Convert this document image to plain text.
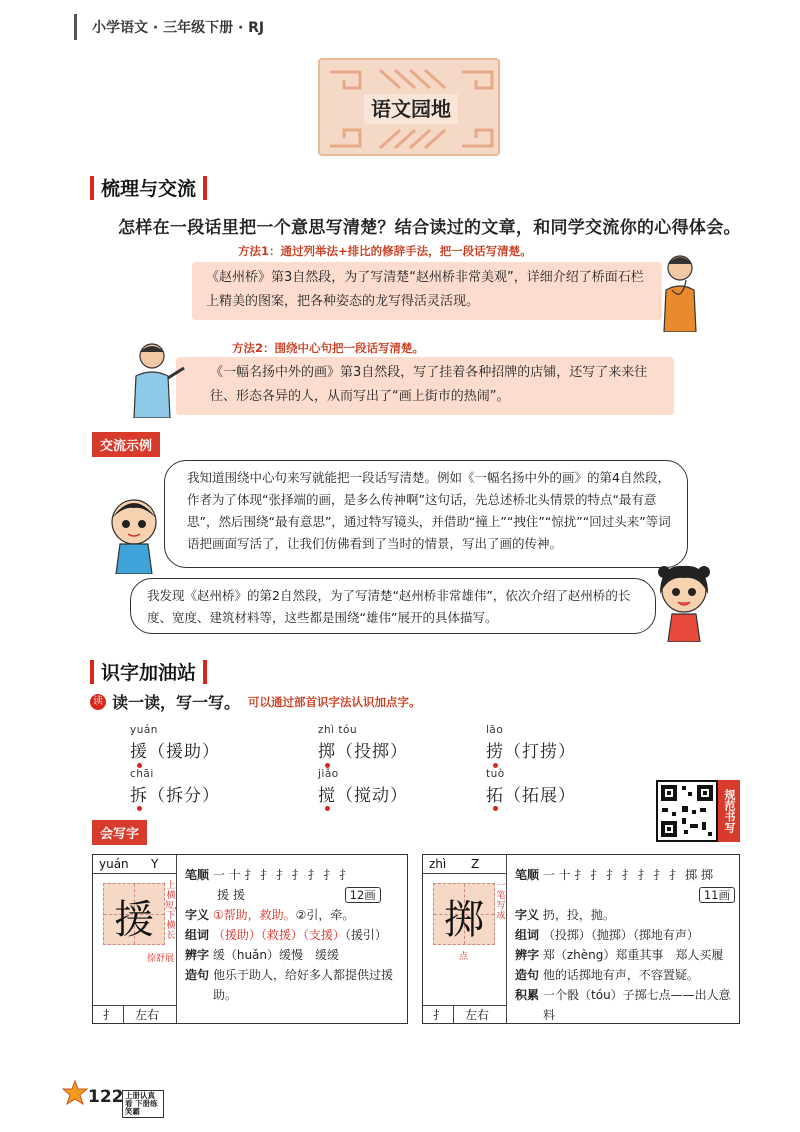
小学语文 · 三年级下册 · RJ
语文园地
梳理与交流
怎样在一段话里把一个意思写清楚？结合读过的文章，和同学交流你的心得体会。
方法1：通过列举法+排比的修辞手法，把一段话写清楚。
《赵州桥》第3自然段，为了写清楚“赵州桥非常美观”，详细介绍了桥面石栏上精美的图案，把各种姿态的龙写得活灵活现。
方法2：围绕中心句把一段话写清楚。
《一幅名扬中外的画》第3自然段，写了挂着各种招牌的店铺，还写了来来往往、形态各异的人，从而写出了“画上街市的热闹”。
交流示例
我知道围绕中心句来写就能把一段话写清楚。例如《一幅名扬中外的画》的第4自然段，作者为了体现“张择端的画，是多么传神啊”这句话，先总述桥北头情景的特点“最有意思”，然后围绕“最有意思”，通过特写镜头，并借助“撞上”“拽住”“惊扰”“回过头来”等词语把画面写活了，让我们仿佛看到了当时的情景，写出了画的传神。
我发现《赵州桥》的第2自然段，为了写清楚“赵州桥非常雄伟”，依次介绍了赵州桥的长度、宽度、建筑材料等，这些都是围绕“雄伟”展开的具体描写。
识字加油站
读 读一读，写一写。 可以通过部首识字法认识加点字。
yuán
援（援助）
zhì tóu
掷（投掷）
lāo
捞（打捞）
chāi
拆（拆分）
jiǎo
搅（搅动）
tuò
拓（拓展）	规范书写
会写字
yuán Y
援
扌 左右
上横短，下横长
捺舒展
笔顺 一 十 扌 扌 扌 扌 扌 扌 扌
援 援	12画
字义 ①帮助，救助。②引，牵。
组词 （援助）（救援）（支援）（援引）
辨字 缓（huǎn）缓慢　缓缓
造句 他乐于助人，给好多人都提供过援助。
zhì Z
掷
扌 左右
一笔写成
点
笔顺 一 十 扌 扌 扌 扌 扌 扌 扌 掷 掷
11画
字义 扔，投，抛。
组词 （投掷）（抛掷）（掷地有声）
辨字 郑（zhèng）郑重其事　郑人买履
造句 他的话掷地有声，不容置疑。
积累 一个骰（tóu）子掷七点——出人意料
122 上册认真看 下册练笑霸
